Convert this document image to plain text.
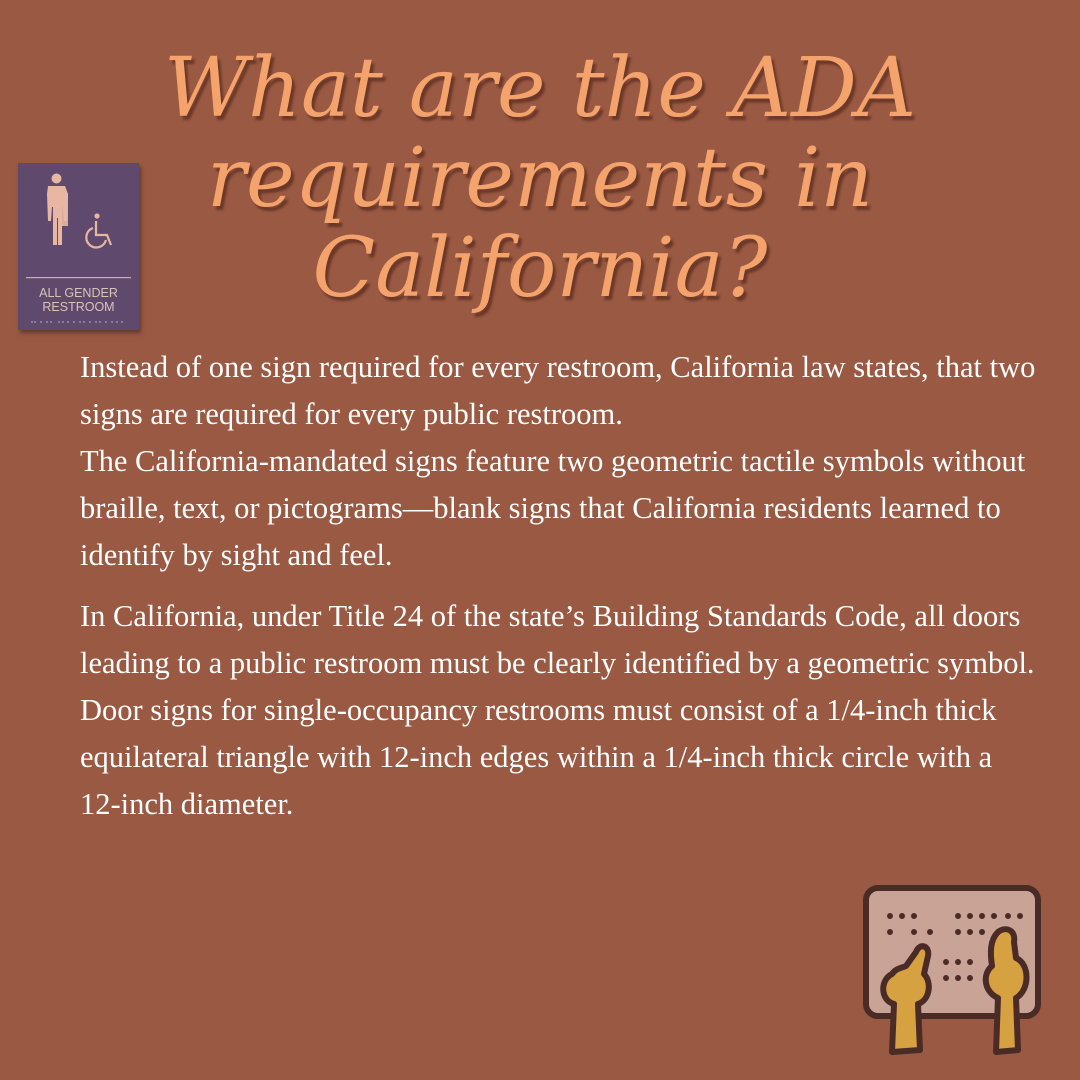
What are the ADA
requirements in
California?
ALL GENDER
RESTROOM

Instead of one sign required for every restroom, California law states, that two signs are required for every public restroom.

The California-mandated signs feature two geometric tactile symbols without braille, text, or pictograms—blank signs that California residents learned to identify by sight and feel.

In California, under Title 24 of the state’s Building Standards Code, all doors leading to a public restroom must be clearly identified by a geometric symbol.

Door signs for single-occupancy restrooms must consist of a 1/4-inch thick equilateral triangle with 12-inch edges within a 1/4-inch thick circle with a 12-inch diameter.
